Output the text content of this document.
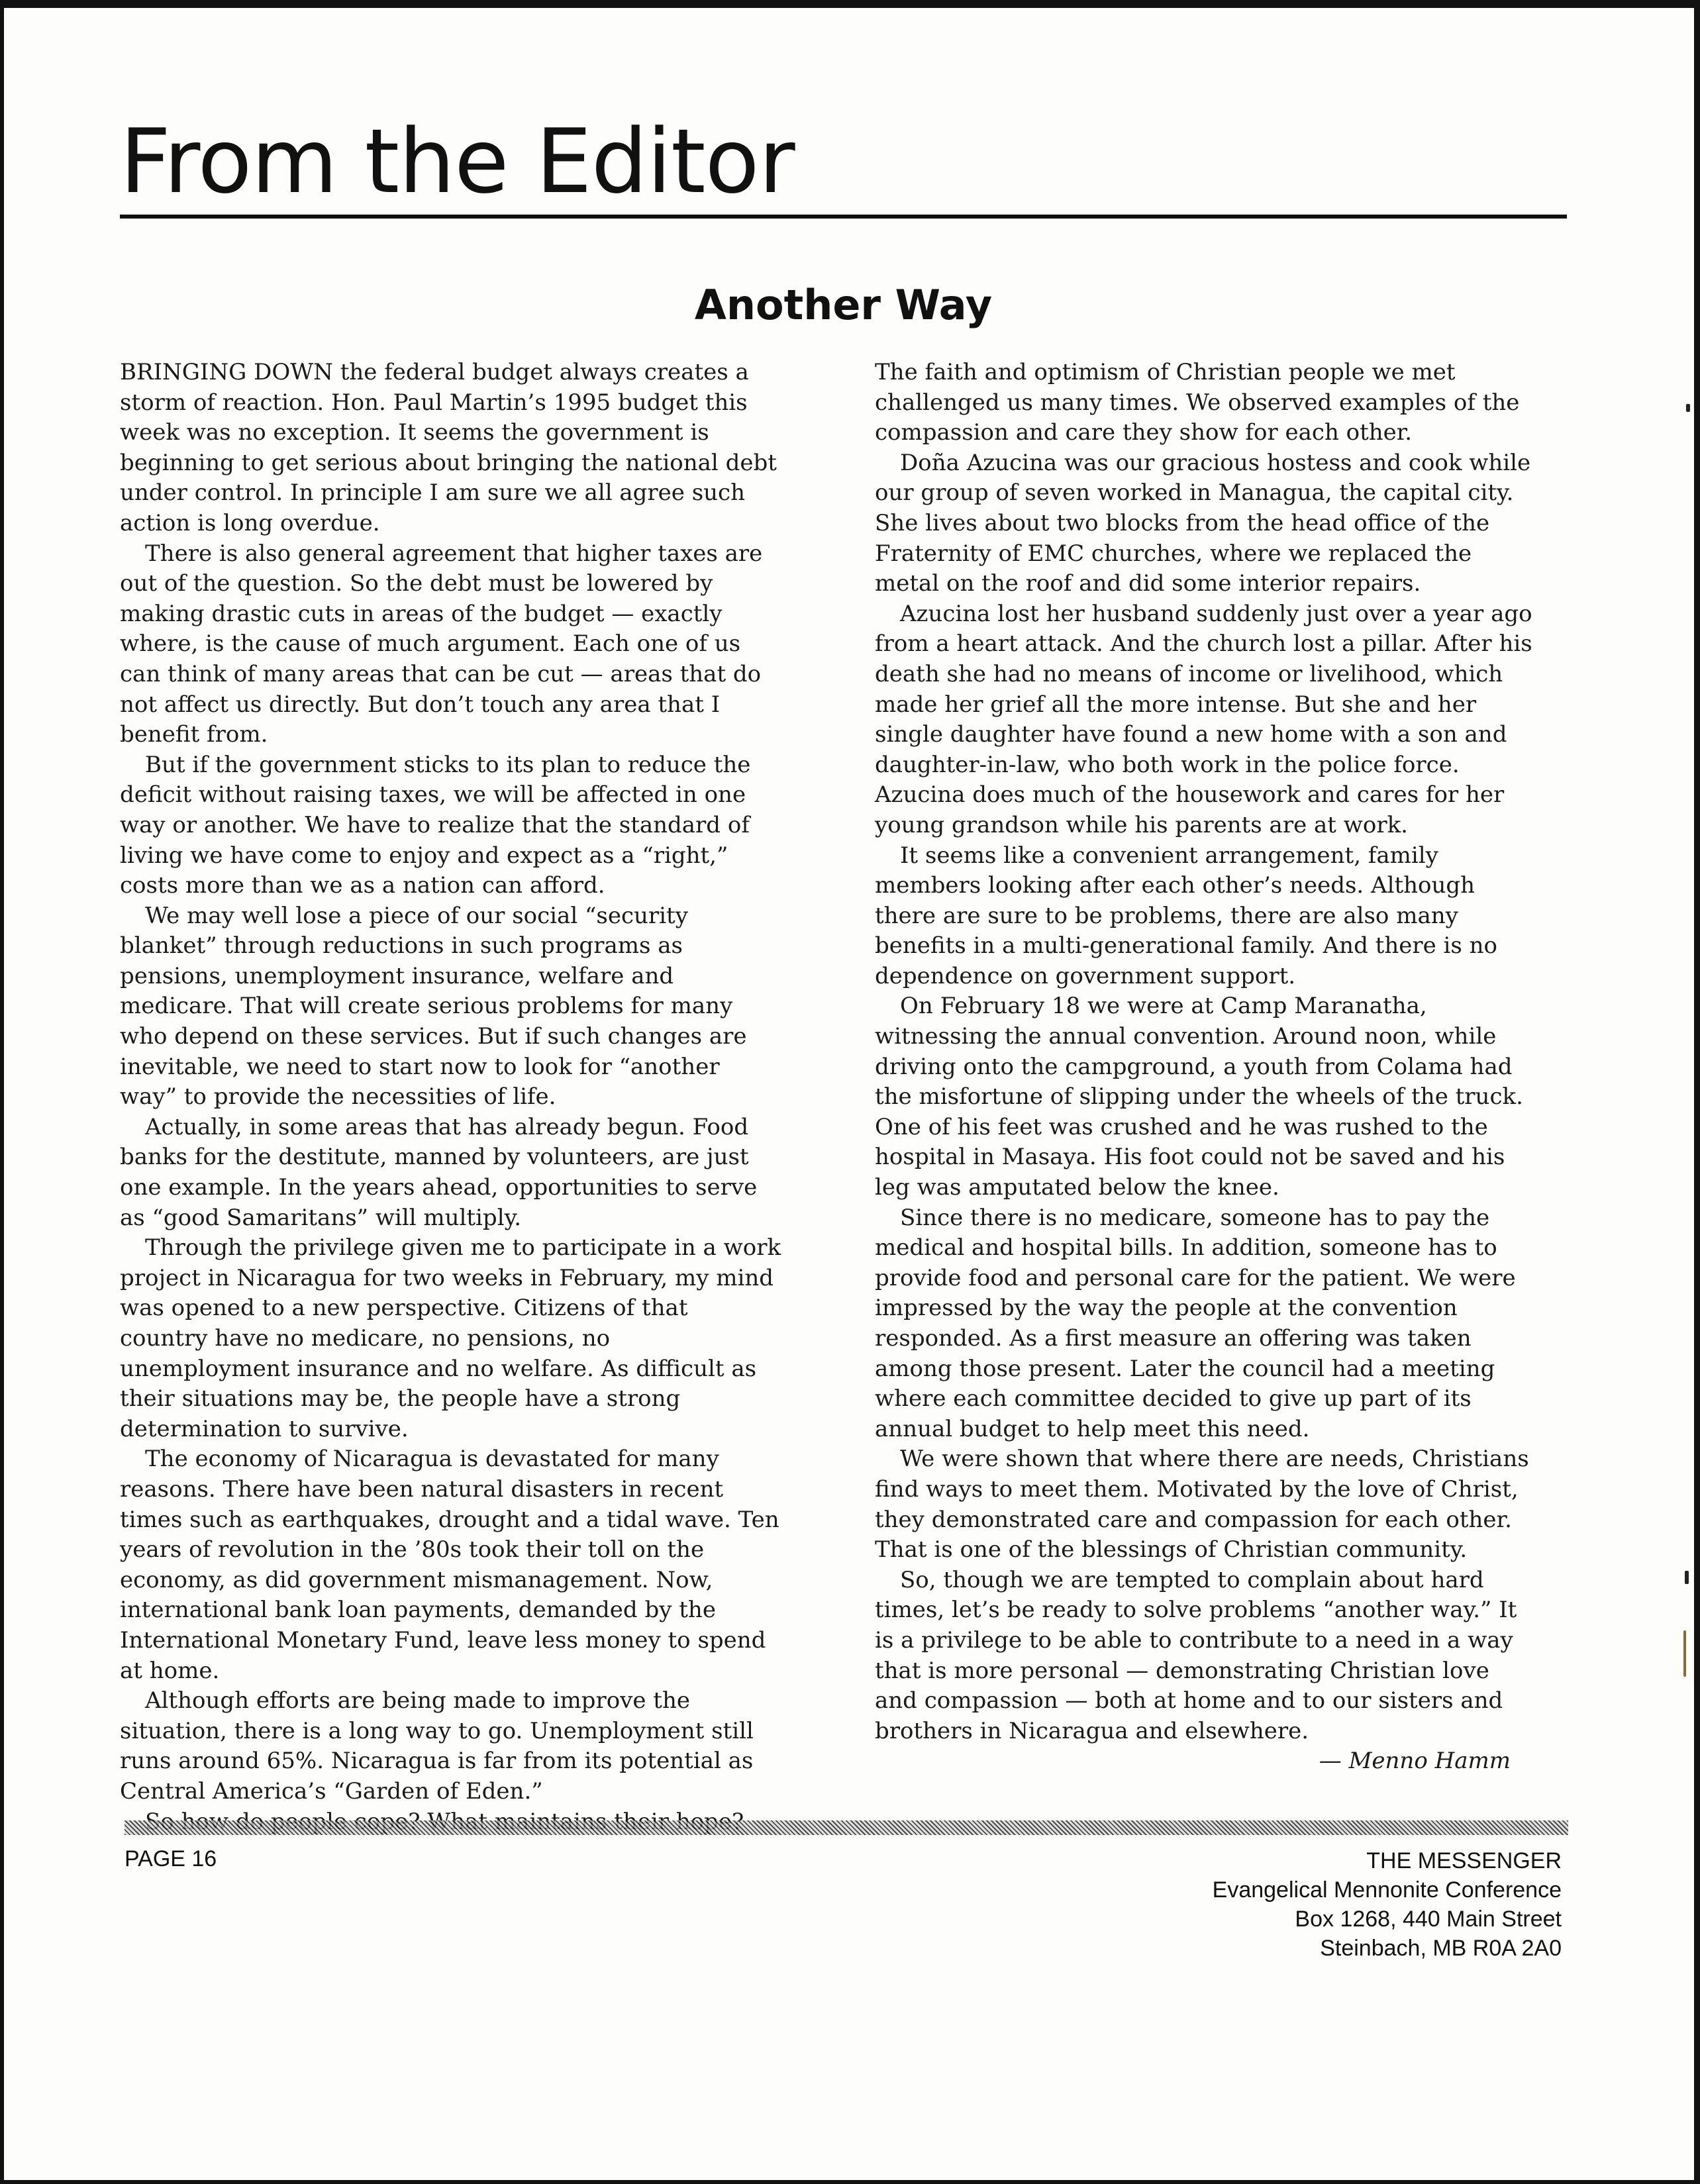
From the Editor
Another Way

BRINGING DOWN the federal budget always creates a storm of reaction. Hon. Paul Martin’s 1995 budget this week was no exception. It seems the government is beginning to get serious about bringing the national debt under control. In principle I am sure we all agree such action is long overdue.

There is also general agreement that higher taxes are out of the question. So the debt must be lowered by making drastic cuts in areas of the budget — exactly where, is the cause of much argument. Each one of us can think of many areas that can be cut — areas that do not affect us directly. But don’t touch any area that I benefit from.

But if the government sticks to its plan to reduce the deficit without raising taxes, we will be affected in one way or another. We have to realize that the standard of living we have come to enjoy and expect as a “right,” costs more than we as a nation can afford.

We may well lose a piece of our social “security blanket” through reductions in such programs as pensions, unemployment insurance, welfare and medicare. That will create serious problems for many who depend on these services. But if such changes are inevitable, we need to start now to look for “another way” to provide the necessities of life.

Actually, in some areas that has already begun. Food banks for the destitute, manned by volunteers, are just one example. In the years ahead, opportunities to serve as “good Samaritans” will multiply.

Through the privilege given me to participate in a work project in Nicaragua for two weeks in February, my mind was opened to a new perspective. Citizens of that country have no medicare, no pensions, no unemployment insurance and no welfare. As difficult as their situations may be, the people have a strong determination to survive.

The economy of Nicaragua is devastated for many reasons. There have been natural disasters in recent times such as earthquakes, drought and a tidal wave. Ten years of revolution in the ’80s took their toll on the economy, as did government mismanagement. Now, international bank loan payments, demanded by the International Monetary Fund, leave less money to spend at home.

Although efforts are being made to improve the situation, there is a long way to go. Unemployment still runs around 65%. Nicaragua is far from its potential as Central America’s “Garden of Eden.”

The faith and optimism of Christian people we met challenged us many times. We observed examples of the compassion and care they show for each other.

Doña Azucina was our gracious hostess and cook while our group of seven worked in Managua, the capital city. She lives about two blocks from the head office of the Fraternity of EMC churches, where we replaced the metal on the roof and did some interior repairs.

Azucina lost her husband suddenly just over a year ago from a heart attack. And the church lost a pillar. After his death she had no means of income or livelihood, which made her grief all the more intense. But she and her single daughter have found a new home with a son and daughter-in-law, who both work in the police force. Azucina does much of the housework and cares for her young grandson while his parents are at work.

It seems like a convenient arrangement, family members looking after each other’s needs. Although there are sure to be problems, there are also many benefits in a multi-generational family. And there is no dependence on government support.

On February 18 we were at Camp Maranatha, witnessing the annual convention. Around noon, while driving onto the campground, a youth from Colama had the misfortune of slipping under the wheels of the truck. One of his feet was crushed and he was rushed to the hospital in Masaya. His foot could not be saved and his leg was amputated below the knee.

Since there is no medicare, someone has to pay the medical and hospital bills. In addition, someone has to provide food and personal care for the patient. We were impressed by the way the people at the convention responded. As a first measure an offering was taken among those present. Later the council had a meeting where each committee decided to give up part of its annual budget to help meet this need.

We were shown that where there are needs, Christians find ways to meet them. Motivated by the love of Christ, they demonstrated care and compassion for each other. That is one of the blessings of Christian community.

So, though we are tempted to complain about hard times, let’s be ready to solve problems “another way.” It is a privilege to be able to contribute to a need in a way that is more personal — demonstrating Christian love and compassion — both at home and to our sisters and brothers in Nicaragua and elsewhere.

— Menno Hamm

PAGE 16	THE MESSENGER
Evangelical Mennonite Conference
Box 1268, 440 Main Street
Steinbach, MB R0A 2A0
